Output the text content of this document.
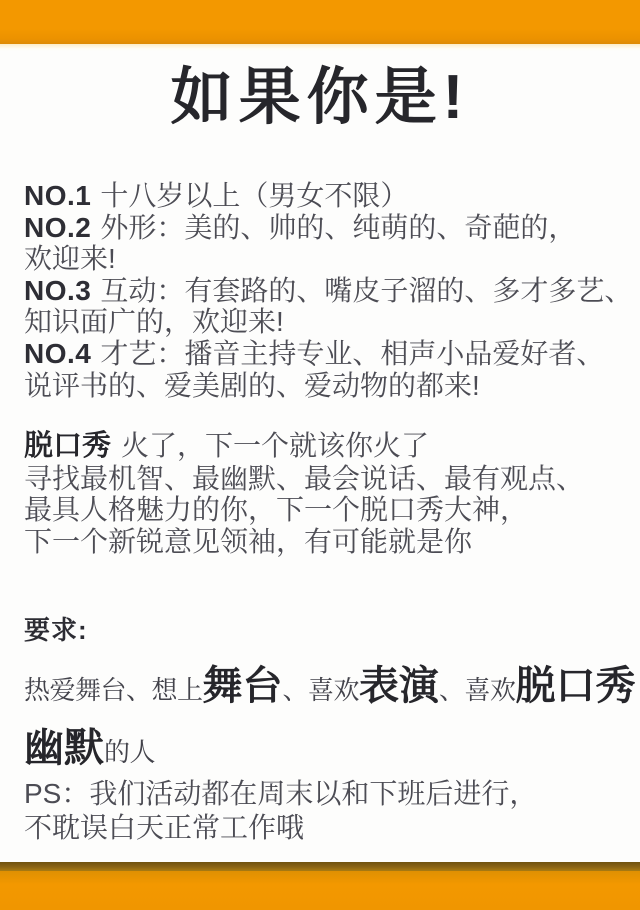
如果你是!
NO.1 十八岁以上（男女不限）
NO.2 外形：美的、帅的、纯萌的、奇葩的，
欢迎来!
NO.3 互动：有套路的、嘴皮子溜的、多才多艺、
知识面广的，欢迎来!
NO.4 才艺：播音主持专业、相声小品爱好者、
说评书的、爱美剧的、爱动物的都来!
脱口秀 火了，下一个就该你火了
寻找最机智、最幽默、最会说话、最有观点、
最具人格魅力的你，下一个脱口秀大神，
下一个新锐意见领袖，有可能就是你
要求:
热爱舞台、想上舞台、喜欢表演、喜欢脱口秀
幽默的人
PS：我们活动都在周末以和下班后进行，
不耽误白天正常工作哦
